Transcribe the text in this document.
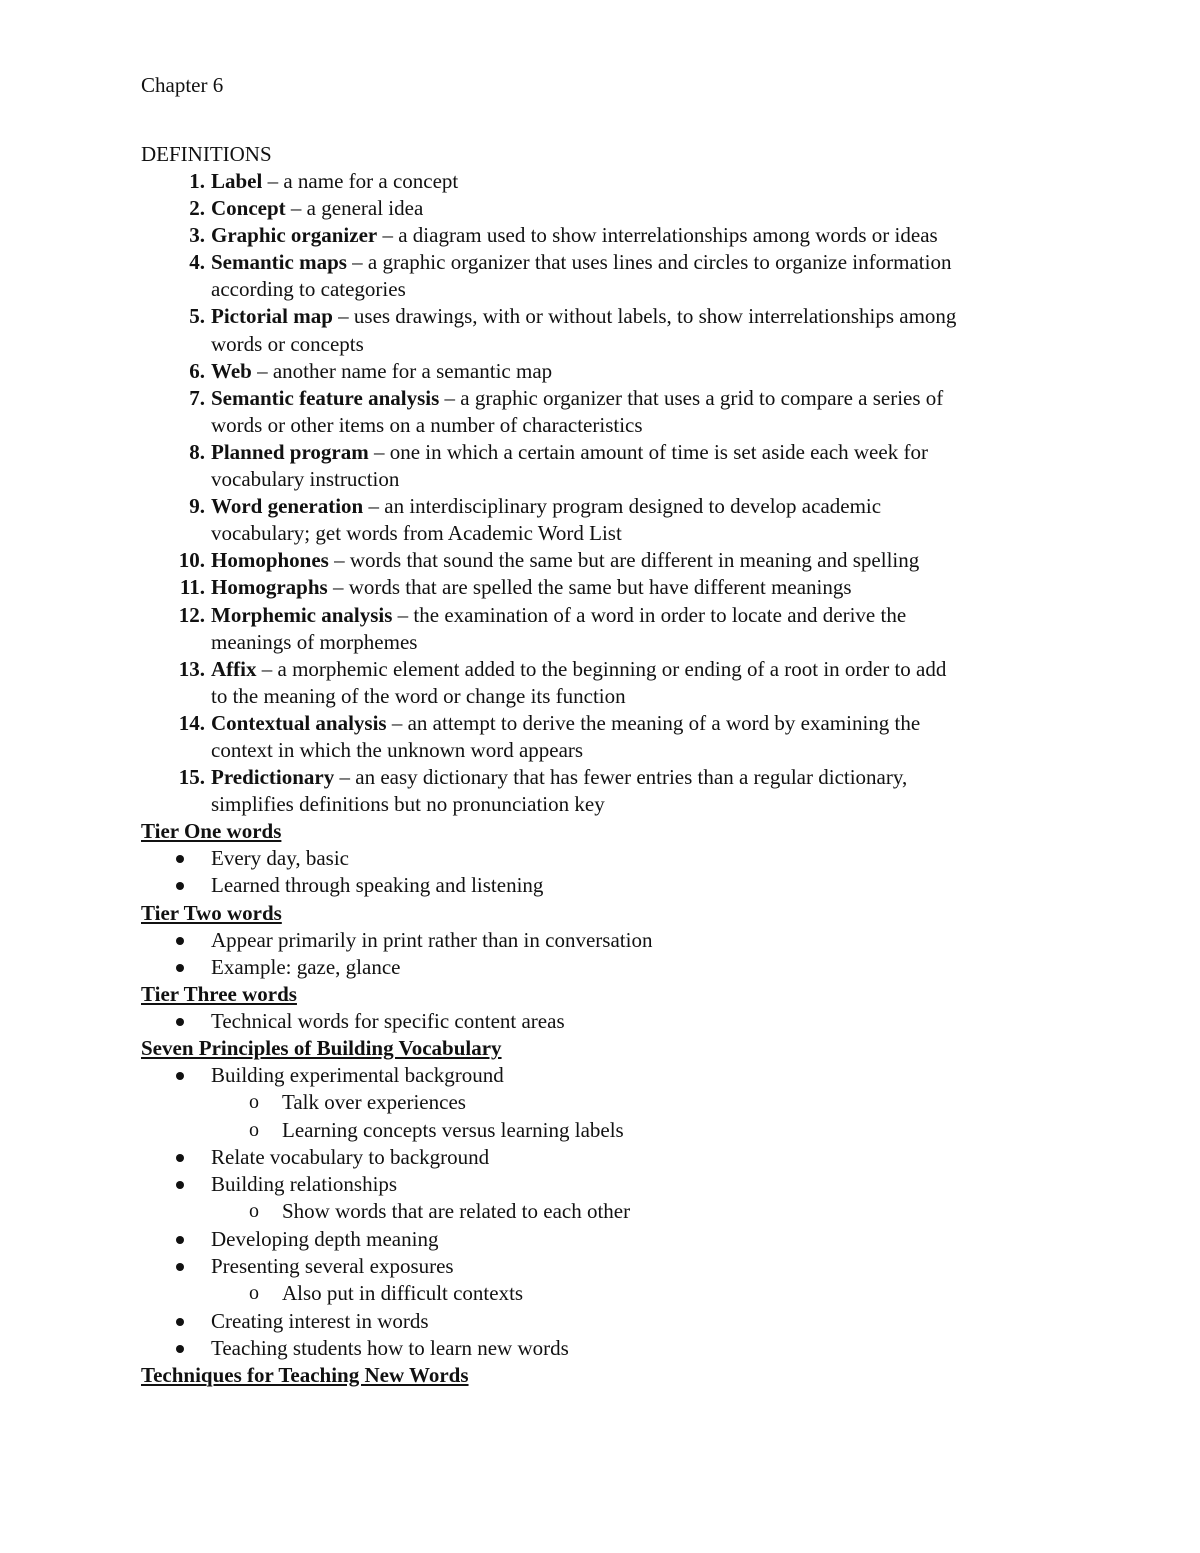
Chapter 6
DEFINITIONS
1. Label – a name for a concept
2. Concept – a general idea
3. Graphic organizer – a diagram used to show interrelationships among words or ideas
4. Semantic maps – a graphic organizer that uses lines and circles to organize information
according to categories
5. Pictorial map – uses drawings, with or without labels, to show interrelationships among
words or concepts
6. Web – another name for a semantic map
7. Semantic feature analysis – a graphic organizer that uses a grid to compare a series of
words or other items on a number of characteristics
8. Planned program – one in which a certain amount of time is set aside each week for
vocabulary instruction
9. Word generation – an interdisciplinary program designed to develop academic
vocabulary; get words from Academic Word List
10. Homophones – words that sound the same but are different in meaning and spelling
11. Homographs – words that are spelled the same but have different meanings
12. Morphemic analysis – the examination of a word in order to locate and derive the
meanings of morphemes
13. Affix – a morphemic element added to the beginning or ending of a root in order to add
to the meaning of the word or change its function
14. Contextual analysis – an attempt to derive the meaning of a word by examining the
context in which the unknown word appears
15. Predictionary – an easy dictionary that has fewer entries than a regular dictionary,
simplifies definitions but no pronunciation key
Tier One words
Every day, basic
Learned through speaking and listening
Tier Two words
Appear primarily in print rather than in conversation
Example: gaze, glance
Tier Three words
Technical words for specific content areas
Seven Principles of Building Vocabulary
Building experimental background
o Talk over experiences
o Learning concepts versus learning labels
Relate vocabulary to background
Building relationships
o Show words that are related to each other
Developing depth meaning
Presenting several exposures
o Also put in difficult contexts
Creating interest in words
Teaching students how to learn new words
Techniques for Teaching New Words
